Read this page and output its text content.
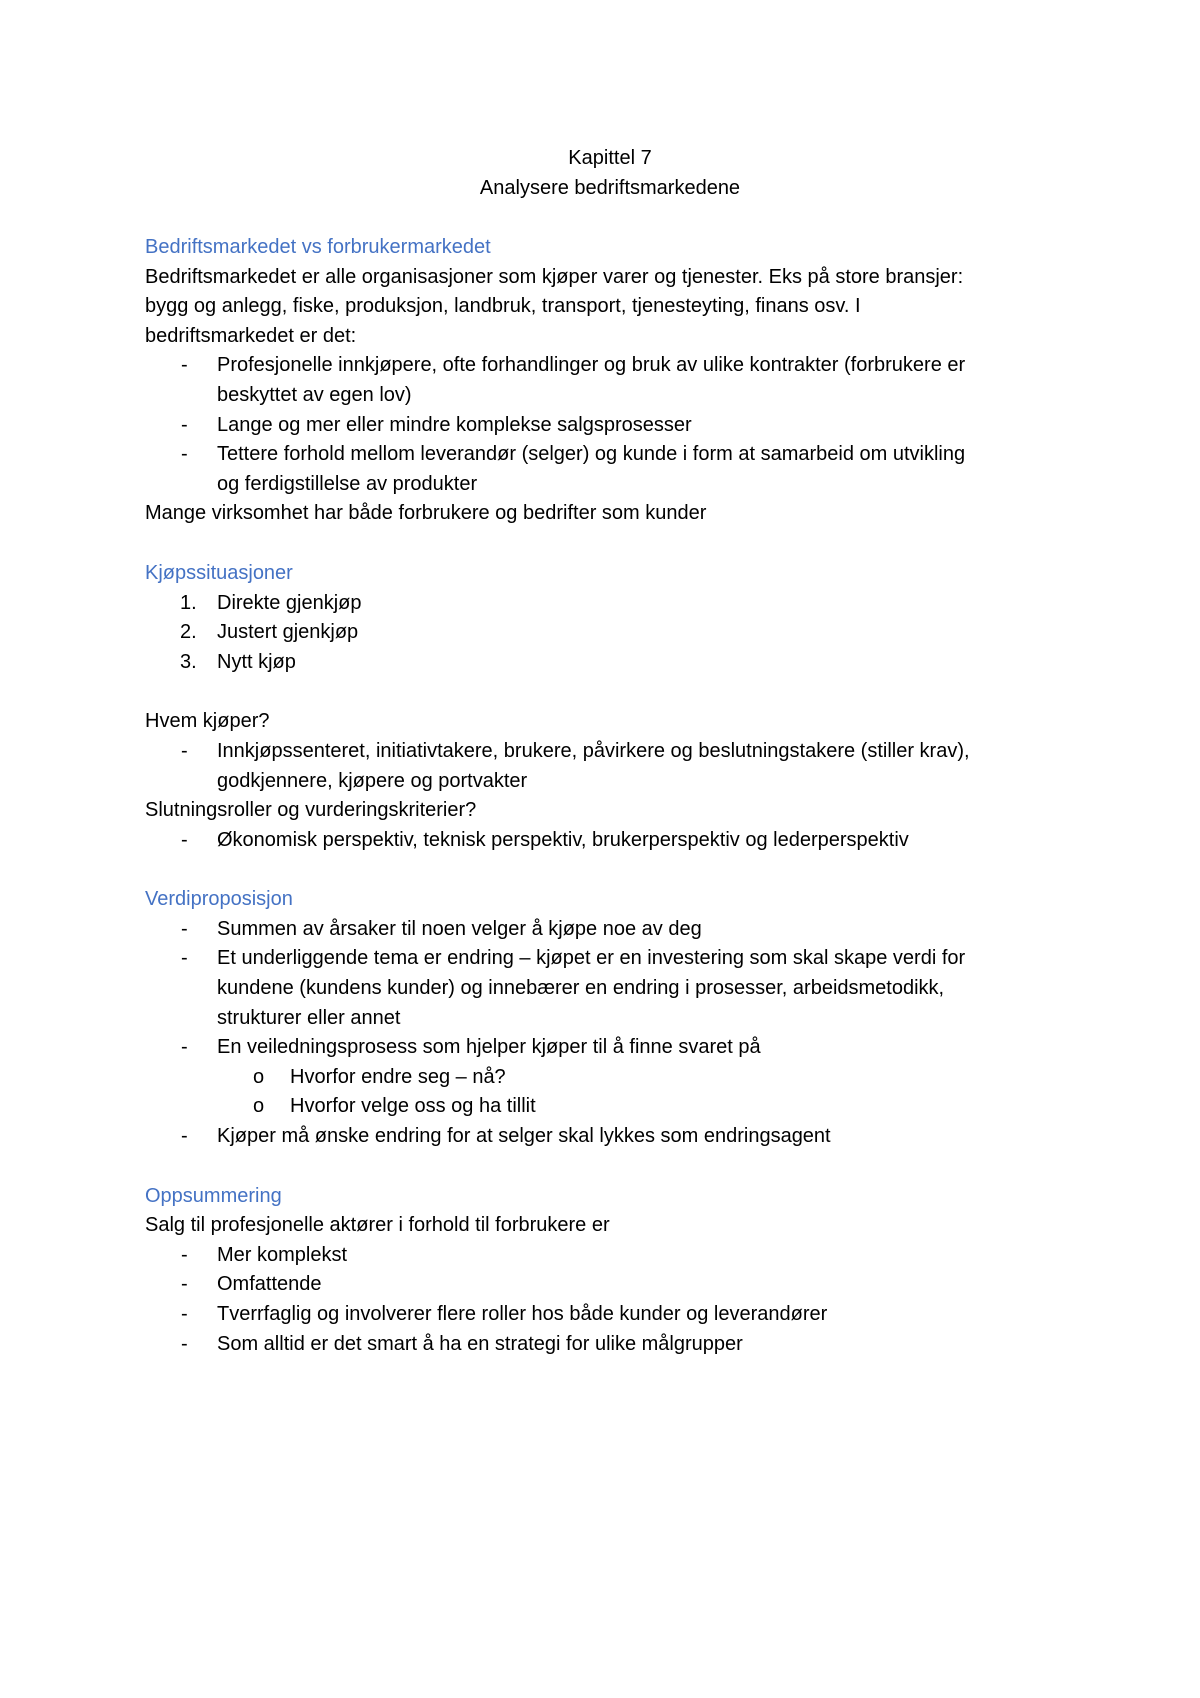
Kapittel 7
Analysere bedriftsmarkedene
Bedriftsmarkedet vs forbrukermarkedet
Bedriftsmarkedet er alle organisasjoner som kjøper varer og tjenester. Eks på store bransjer:
bygg og anlegg, fiske, produksjon, landbruk, transport, tjenesteyting, finans osv. I
bedriftsmarkedet er det:
- Profesjonelle innkjøpere, ofte forhandlinger og bruk av ulike kontrakter (forbrukere er
beskyttet av egen lov)
- Lange og mer eller mindre komplekse salgsprosesser
- Tettere forhold mellom leverandør (selger) og kunde i form at samarbeid om utvikling
og ferdigstillelse av produkter
Mange virksomhet har både forbrukere og bedrifter som kunder
Kjøpssituasjoner
1. Direkte gjenkjøp
2. Justert gjenkjøp
3. Nytt kjøp
Hvem kjøper?
- Innkjøpssenteret, initiativtakere, brukere, påvirkere og beslutningstakere (stiller krav),
godkjennere, kjøpere og portvakter
Slutningsroller og vurderingskriterier?
- Økonomisk perspektiv, teknisk perspektiv, brukerperspektiv og lederperspektiv
Verdiproposisjon
- Summen av årsaker til noen velger å kjøpe noe av deg
- Et underliggende tema er endring – kjøpet er en investering som skal skape verdi for
kundene (kundens kunder) og innebærer en endring i prosesser, arbeidsmetodikk,
strukturer eller annet
- En veiledningsprosess som hjelper kjøper til å finne svaret på
o Hvorfor endre seg – nå?
o Hvorfor velge oss og ha tillit
- Kjøper må ønske endring for at selger skal lykkes som endringsagent
Oppsummering
Salg til profesjonelle aktører i forhold til forbrukere er
- Mer komplekst
- Omfattende
- Tverrfaglig og involverer flere roller hos både kunder og leverandører
- Som alltid er det smart å ha en strategi for ulike målgrupper
